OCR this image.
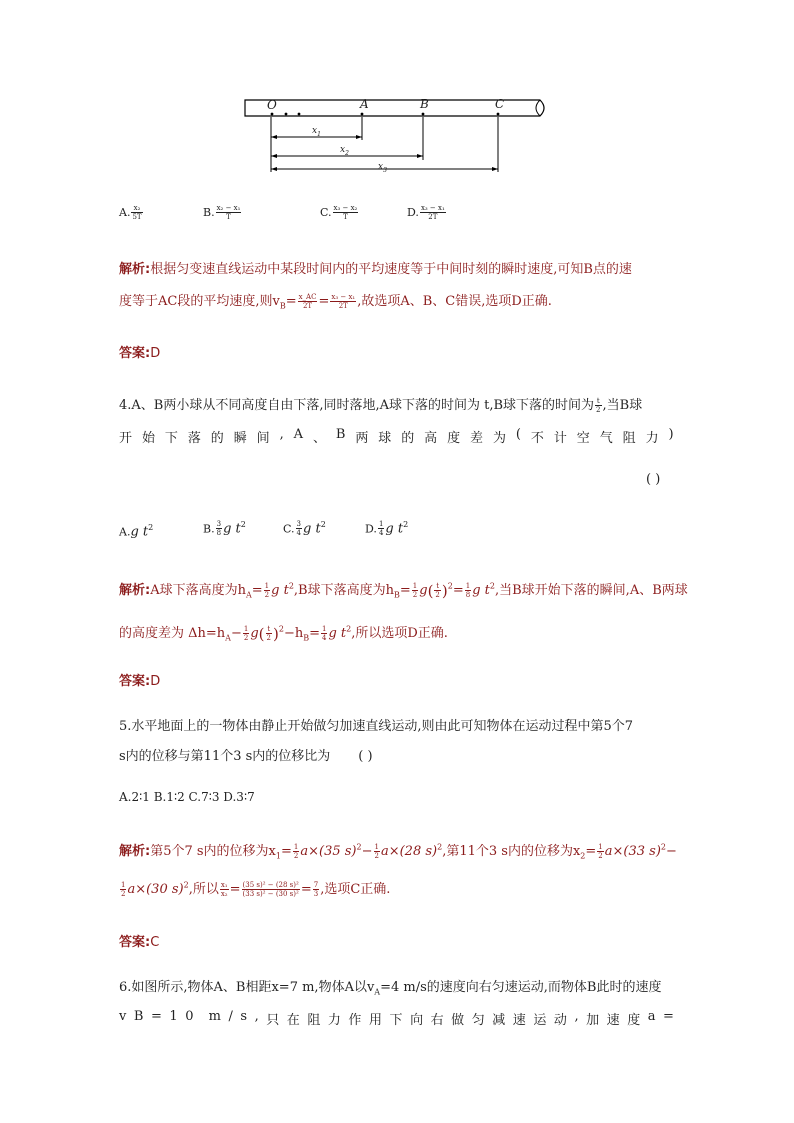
O	A	B	C
$x_1$
$x_2$
$x_3$
A. $\frac{\text{x₂}}{5T}$	B. $\frac{\text{x₂ − x₁}}{T}$	C. $\frac{\text{x₃ − x₂}}{T}$	D. $\frac{\text{x₃ − x₁}}{2T}$
解析:根据匀变速直线运动中某段时间内的平均速度等于中间时刻的瞬时速度,可知B点的速
度等于AC段的平均速度,则$v_B= \frac{x\_AC}{2T} = \frac{\text{x₃ − x₁}}{2T}$ ,故选项A、B、C错误,选项D正确.
答案:D
4.A、B两小球从不同高度自由下落,同时落地,A球下落的时间为 t,B球下落的时间为 $\frac{t}{2}$ ,当B球
开 始 下 落 的 瞬 间 , A 、 B 两 球 的 高 度 差 为 ( 不 计 空 气 阻 力 )
( )
A.g $t^2$	B. $\frac{3}{8}$ g $t^2$	C. $\frac{3}{4}$ g $t^2$	D. $\frac{1}{4}$ g $t^2$
解析:A球下落高度为$h_A= \frac{1}{2}$ g $t^2,B$球下落高度为$h_B= \frac{1}{2} g( \frac{t}{2} )^2= \frac{1}{8}$ g $t^2$,当B球开始下落的瞬间,A、B两球
的高度差为 $\Delta h=h_A- \frac{1}{2} g( \frac{t}{2} )^2-h_B= \frac{1}{4}$ g $t^2$,所以选项D正确.
答案:D
5.水平地面上的一物体由静止开始做匀加速直线运动,则由此可知物体在运动过程中第5个7
s内的位移与第11个3 s内的位移比为 ( )
A.2∶1 B.1∶2 C.7∶3 D.3∶7
解析:第5个7 s内的位移为$x_1= \frac{1}{2} a\times(35$ $s)^2- \frac{1}{2} a\times(28$ s)$^2$,第11个3 s内的位移为$x_2= \frac{1}{2} a\times(33$ s)$^2$−
$\frac{1}{2} a\times(30$ s)$^2$,所以 $\frac{\text{x₁}}{\text{x₂}} = \frac{\text{(35 s)² − (28 s)²}}{\text{(33 s)² − (30 s)²}} = \frac{7}{3}$ ,选项C正确.
答案:C
6.如图所示,物体A、B相距x=7 m,物体A以$v_A=4$ m/s的速度向右匀速运动,而物体B此时的速度
v B = 1 0 m / s , 只 在 阻 力 作 用 下 向 右 做 匀 减 速 运 动 , 加 速 度 a =
